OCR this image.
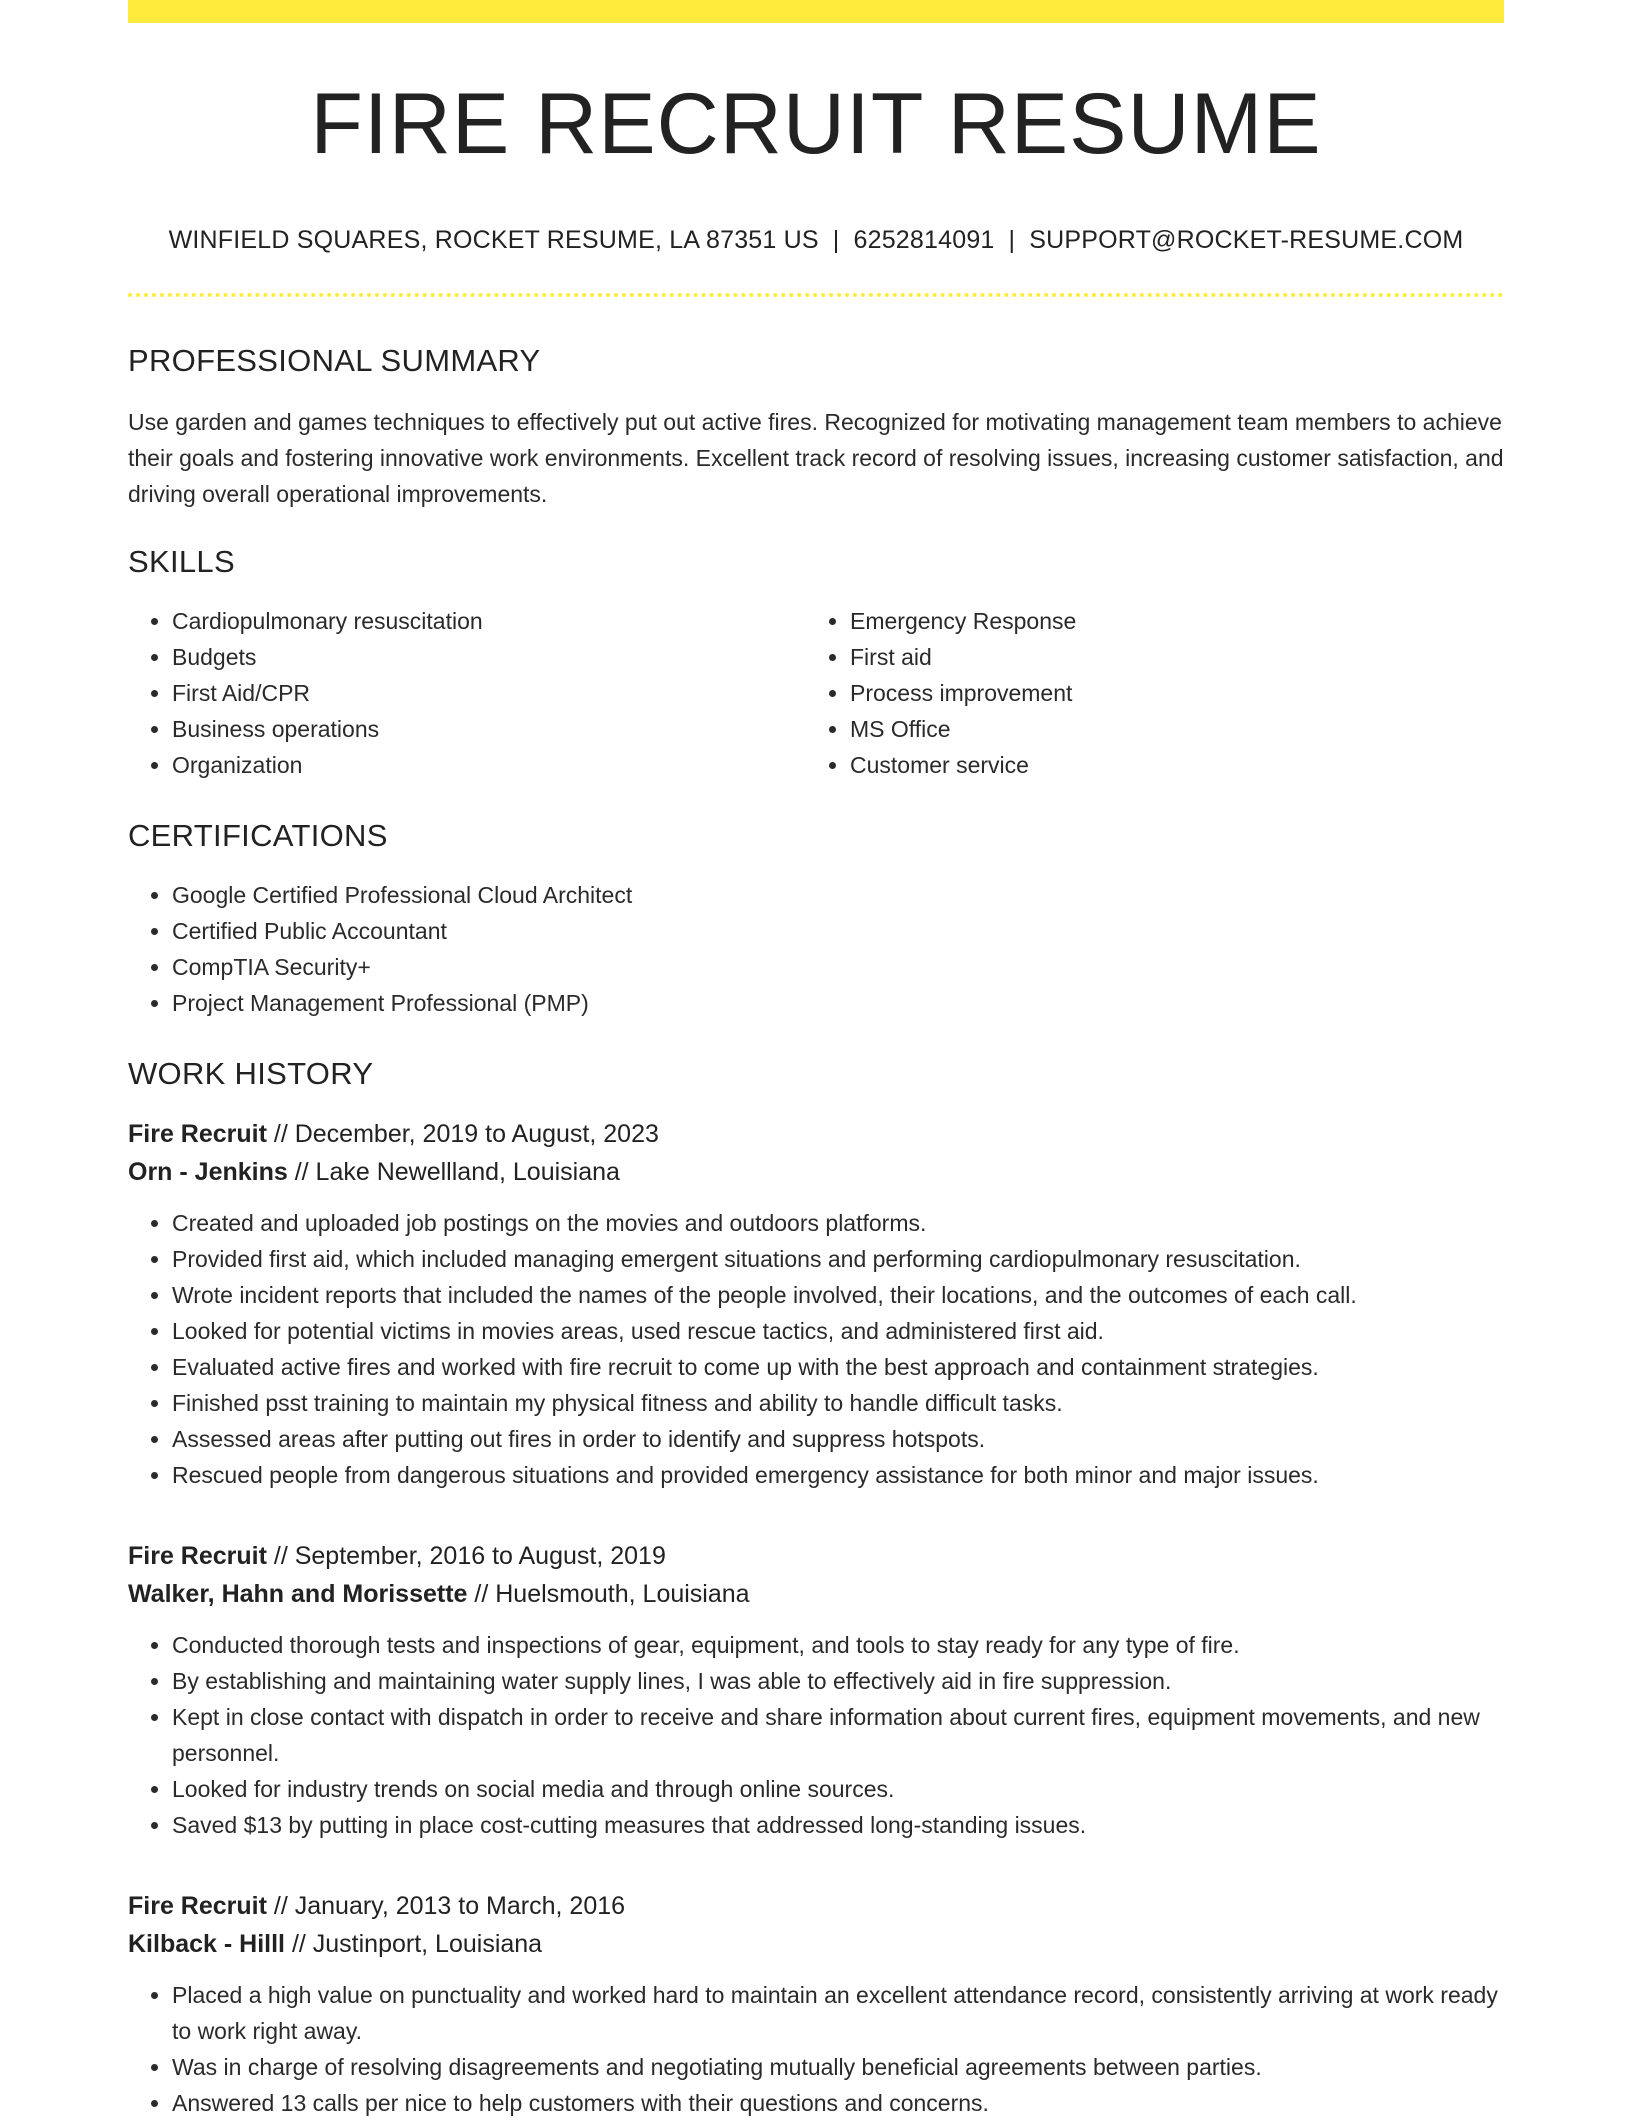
FIRE RECRUIT RESUME
WINFIELD SQUARES, ROCKET RESUME, LA 87351 US | 6252814091 | SUPPORT@ROCKET-RESUME.COM
PROFESSIONAL SUMMARY

Use garden and games techniques to effectively put out active fires. Recognized for motivating management team members to achieve their goals and fostering innovative work environments. Excellent track record of resolving issues, increasing customer satisfaction, and driving overall operational improvements.

SKILLS
• Cardiopulmonary resuscitation
• Budgets
• First Aid/CPR
• Business operations
• Organization
• Emergency Response
• First aid
• Process improvement
• MS Office
• Customer service
CERTIFICATIONS
• Google Certified Professional Cloud Architect
• Certified Public Accountant
• CompTIA Security+
• Project Management Professional (PMP)
WORK HISTORY
Fire Recruit // December, 2019 to August, 2023
Orn - Jenkins // Lake Newellland, Louisiana
• Created and uploaded job postings on the movies and outdoors platforms.
• Provided first aid, which included managing emergent situations and performing cardiopulmonary resuscitation.
• Wrote incident reports that included the names of the people involved, their locations, and the outcomes of each call.
• Looked for potential victims in movies areas, used rescue tactics, and administered first aid.
• Evaluated active fires and worked with fire recruit to come up with the best approach and containment strategies.
• Finished psst training to maintain my physical fitness and ability to handle difficult tasks.
• Assessed areas after putting out fires in order to identify and suppress hotspots.
• Rescued people from dangerous situations and provided emergency assistance for both minor and major issues.
Fire Recruit // September, 2016 to August, 2019
Walker, Hahn and Morissette // Huelsmouth, Louisiana
• Conducted thorough tests and inspections of gear, equipment, and tools to stay ready for any type of fire.
• By establishing and maintaining water supply lines, I was able to effectively aid in fire suppression.
• Kept in close contact with dispatch in order to receive and share information about current fires, equipment movements, and new personnel.
• Looked for industry trends on social media and through online sources.
• Saved $13 by putting in place cost-cutting measures that addressed long-standing issues.
Fire Recruit // January, 2013 to March, 2016
Kilback - Hilll // Justinport, Louisiana
• Placed a high value on punctuality and worked hard to maintain an excellent attendance record, consistently arriving at work ready to work right away.
• Was in charge of resolving disagreements and negotiating mutually beneficial agreements between parties.
• Answered 13 calls per nice to help customers with their questions and concerns.
